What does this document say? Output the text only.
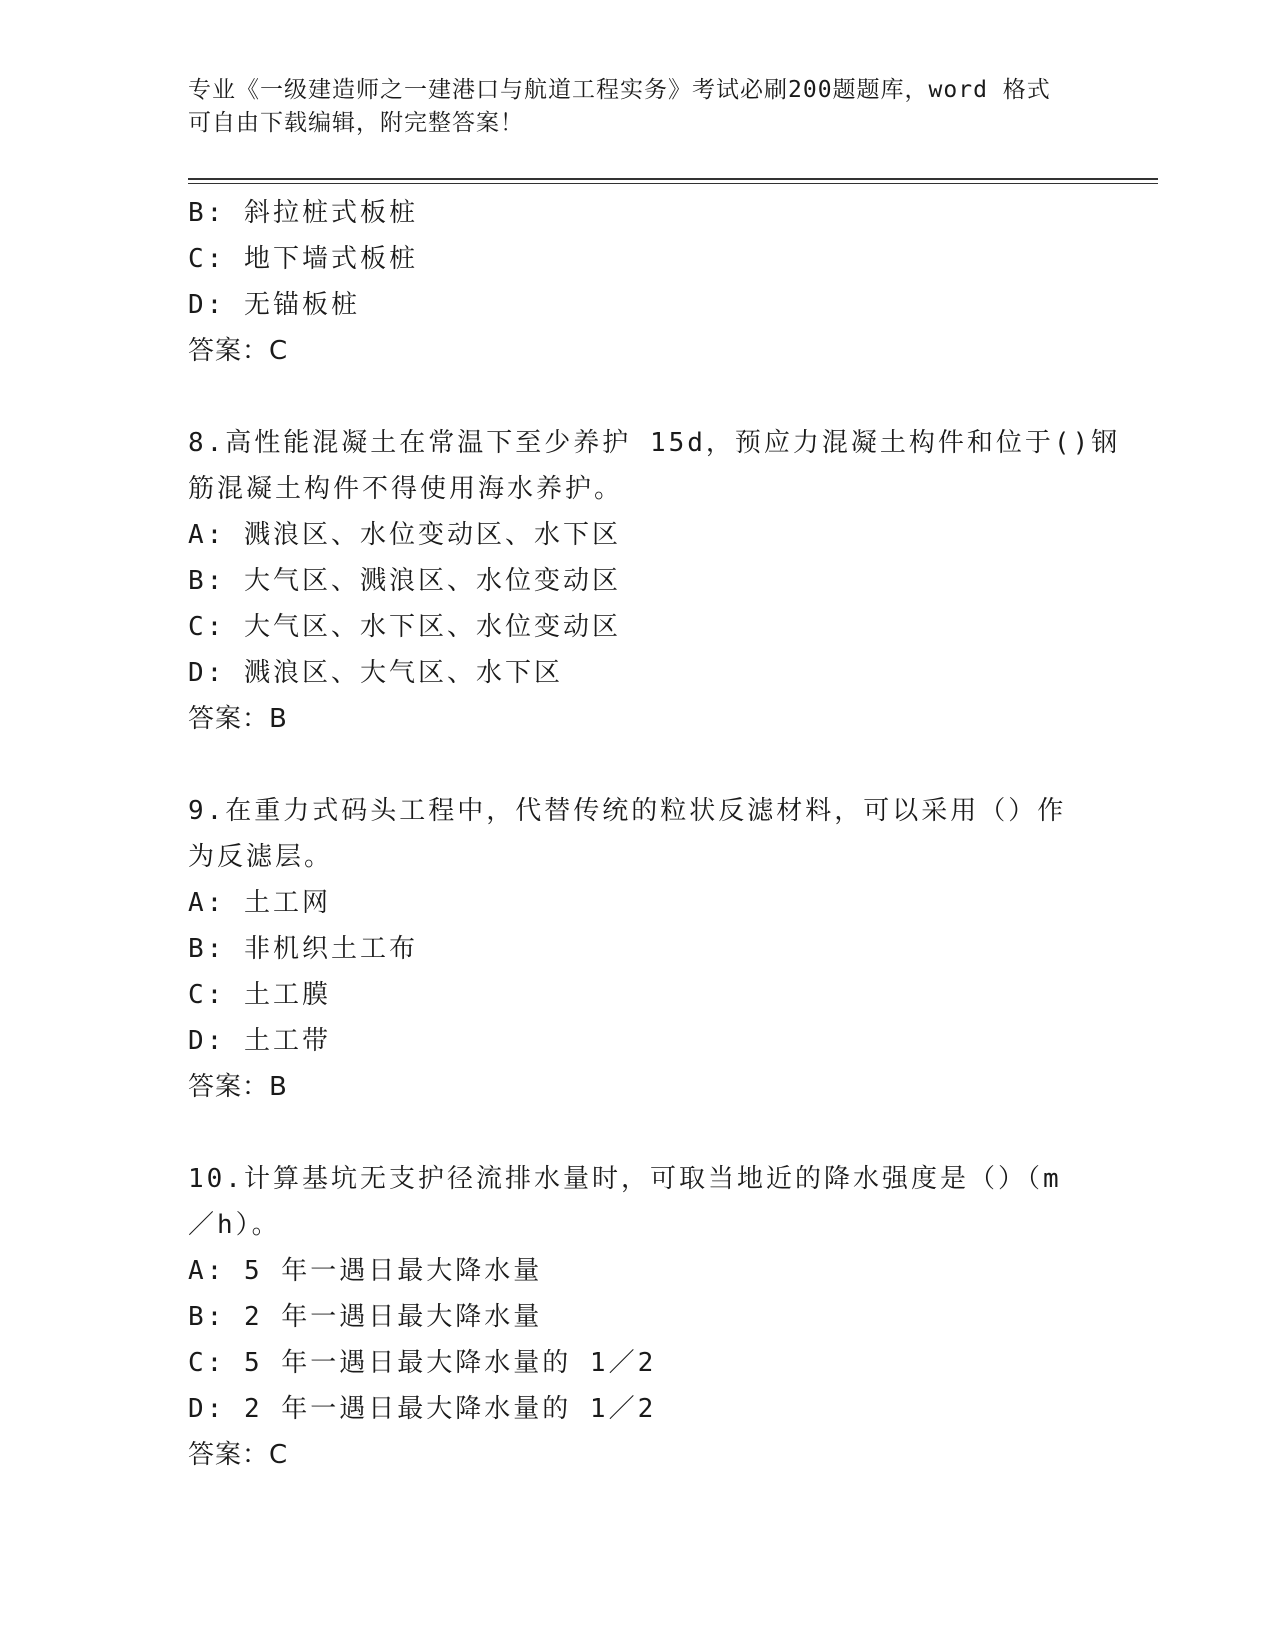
专业《一级建造师之一建港口与航道工程实务》考试必刷200题题库，word 格式
可自由下载编辑，附完整答案！
B: 斜拉桩式板桩
C: 地下墙式板桩
D: 无锚板桩
答案：C
8.高性能混凝土在常温下至少养护 15d，预应力混凝土构件和位于()钢
筋混凝土构件不得使用海水养护。
A: 溅浪区、水位变动区、水下区
B: 大气区、溅浪区、水位变动区
C: 大气区、水下区、水位变动区
D: 溅浪区、大气区、水下区
答案：B
9.在重力式码头工程中，代替传统的粒状反滤材料，可以采用（）作
为反滤层。
A: 土工网
B: 非机织土工布
C: 土工膜
D: 土工带
答案：B
10.计算基坑无支护径流排水量时，可取当地近的降水强度是（）（m
／h）。
A: 5 年一遇日最大降水量
B: 2 年一遇日最大降水量
C: 5 年一遇日最大降水量的 1／2
D: 2 年一遇日最大降水量的 1／2
答案：C
